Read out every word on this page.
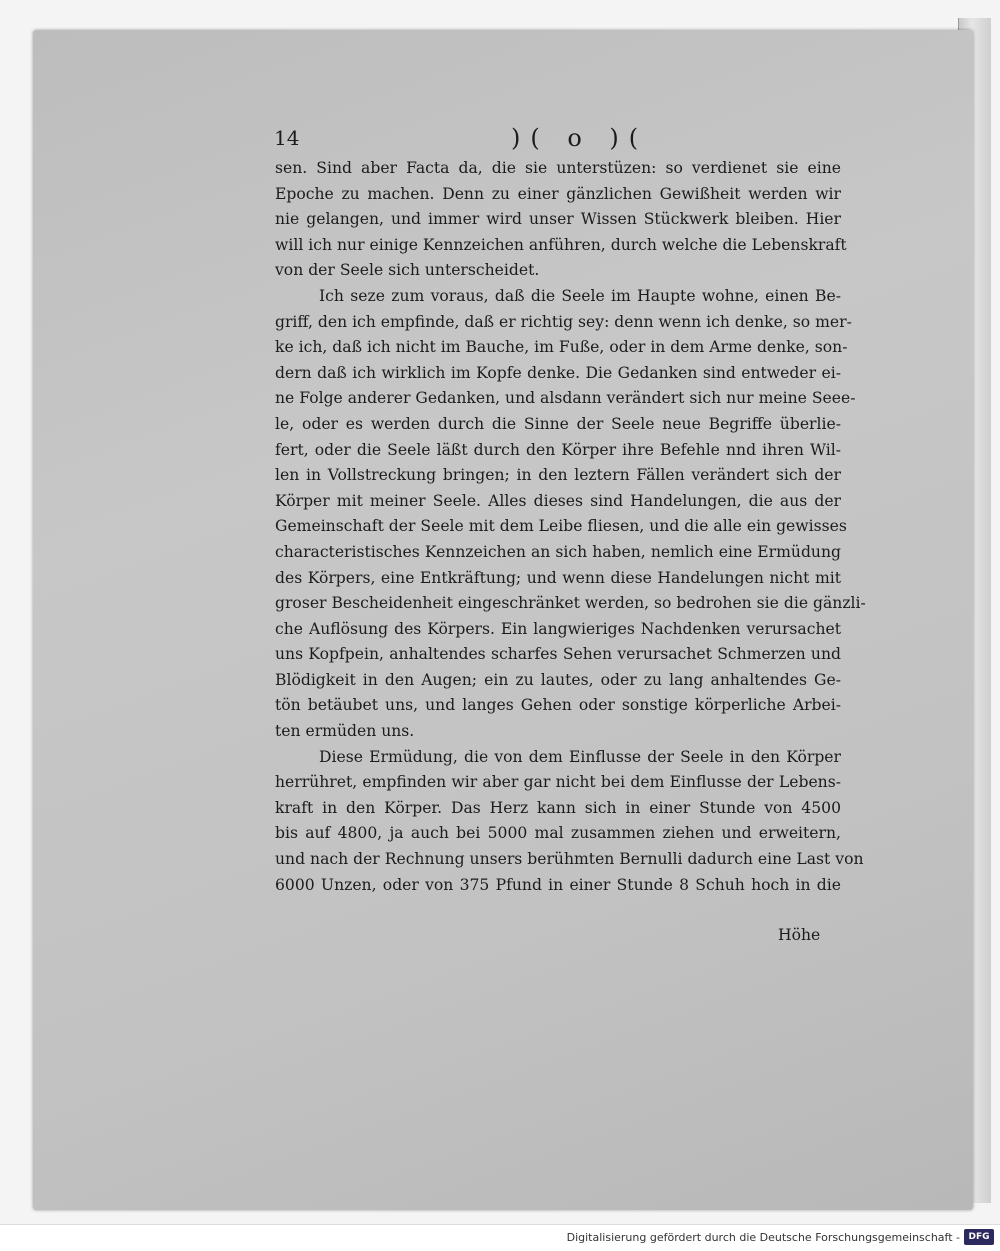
14	)( o )(
sen. Sind aber Facta da, die sie unterstüzen: so verdienet sie eine
Epoche zu machen. Denn zu einer gänzlichen Gewißheit werden wir
nie gelangen, und immer wird unser Wissen Stückwerk bleiben. Hier
will ich nur einige Kennzeichen anführen, durch welche die Lebenskraft
von der Seele sich unterscheidet.
Ich seze zum voraus, daß die Seele im Haupte wohne, einen Be-
griff, den ich empfinde, daß er richtig sey: denn wenn ich denke, so mer-
ke ich, daß ich nicht im Bauche, im Fuße, oder in dem Arme denke, son-
dern daß ich wirklich im Kopfe denke. Die Gedanken sind entweder ei-
ne Folge anderer Gedanken, und alsdann verändert sich nur meine Seee-
le, oder es werden durch die Sinne der Seele neue Begriffe überlie-
fert, oder die Seele läßt durch den Körper ihre Befehle nnd ihren Wil-
len in Vollstreckung bringen; in den leztern Fällen verändert sich der
Körper mit meiner Seele. Alles dieses sind Handelungen, die aus der
Gemeinschaft der Seele mit dem Leibe fliesen, und die alle ein gewisses
characteristisches Kennzeichen an sich haben, nemlich eine Ermüdung
des Körpers, eine Entkräftung; und wenn diese Handelungen nicht mit
groser Bescheidenheit eingeschränket werden, so bedrohen sie die gänzli-
che Auflösung des Körpers. Ein langwieriges Nachdenken verursachet
uns Kopfpein, anhaltendes scharfes Sehen verursachet Schmerzen und
Blödigkeit in den Augen; ein zu lautes, oder zu lang anhaltendes Ge-
tön betäubet uns, und langes Gehen oder sonstige körperliche Arbei-
ten ermüden uns.
Diese Ermüdung, die von dem Einflusse der Seele in den Körper
herrühret, empfinden wir aber gar nicht bei dem Einflusse der Lebens-
kraft in den Körper. Das Herz kann sich in einer Stunde von 4500
bis auf 4800, ja auch bei 5000 mal zusammen ziehen und erweitern,
und nach der Rechnung unsers berühmten Bernulli dadurch eine Last von
6000 Unzen, oder von 375 Pfund in einer Stunde 8 Schuh hoch in die
Höhe
Digitalisierung gefördert durch die Deutsche Forschungsgemeinschaft - DFG
